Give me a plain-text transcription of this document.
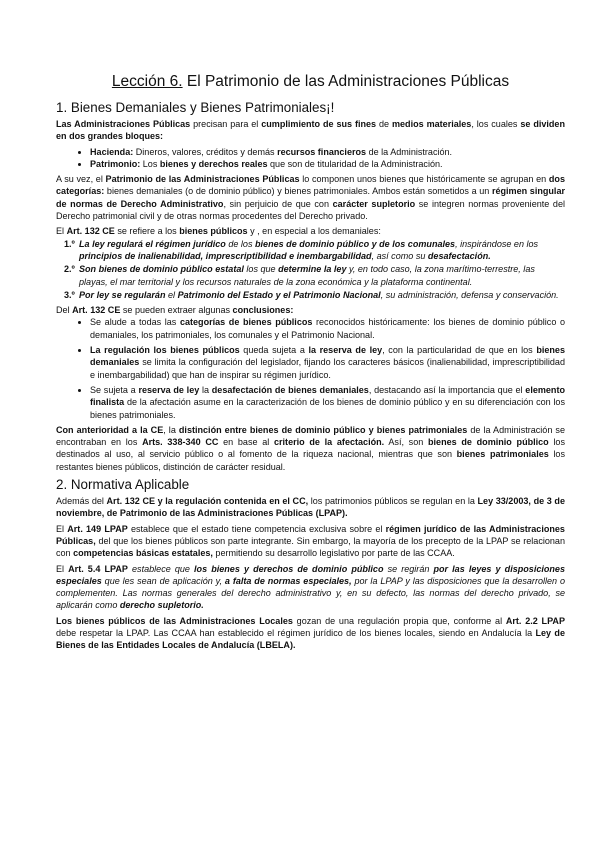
Lección 6. El Patrimonio de las Administraciones Públicas
1. Bienes Demaniales y Bienes Patrimoniales¡!

Las Administraciones Públicas precisan para el cumplimiento de sus fines de medios materiales, los cuales se dividen en dos grandes bloques:

• Hacienda: Dineros, valores, créditos y demás recursos financieros de la Administración.
• Patrimonio: Los bienes y derechos reales que son de titularidad de la Administración.

A su vez, el Patrimonio de las Administraciones Públicas lo componen unos bienes que históricamente se agrupan en dos categorías: bienes demaniales (o de dominio público) y bienes patrimoniales. Ambos están sometidos a un régimen singular de normas de Derecho Administrativo, sin perjuicio de que con carácter supletorio se integren normas proveniente del Derecho patrimonial civil y de otras normas procedentes del Derecho privado.

El Art. 132 CE se refiere a los bienes públicos y , en especial a los demaniales:

1.º La ley regulará el régimen jurídico de los bienes de dominio público y de los comunales, inspirándose en los principios de inalienabilidad, imprescriptibilidad e inembargabilidad, así como su desafectación.
2.º Son bienes de dominio público estatal los que determine la ley y, en todo caso, la zona marítimo-terrestre, las playas, el mar territorial y los recursos naturales de la zona económica y la plataforma continental.
3.º Por ley se regularán el Patrimonio del Estado y el Patrimonio Nacional, su administración, defensa y conservación.

Del Art. 132 CE se pueden extraer algunas conclusiones:

• Se alude a todas las categorías de bienes públicos reconocidos históricamente: los bienes de dominio público o demaniales, los patrimoniales, los comunales y el Patrimonio Nacional.
• La regulación los bienes públicos queda sujeta a la reserva de ley, con la particularidad de que en los bienes demaniales se limita la configuración del legislador, fijando los caracteres básicos (inalienabilidad, imprescriptibilidad e inembargabilidad) que han de inspirar su régimen jurídico.
• Se sujeta a reserva de ley la desafectación de bienes demaniales, destacando así la importancia que el elemento finalista de la afectación asume en la caracterización de los bienes de dominio público y en su diferenciación con los bienes patrimoniales.

Con anterioridad a la CE, la distinción entre bienes de dominio público y bienes patrimoniales de la Administración se encontraban en los Arts. 338-340 CC en base al criterio de la afectación. Así, son bienes de dominio público los destinados al uso, al servicio público o al fomento de la riqueza nacional, mientras que son bienes patrimoniales los restantes bienes públicos, distinción de carácter residual.

2. Normativa Aplicable

Además del Art. 132 CE y la regulación contenida en el CC, los patrimonios públicos se regulan en la Ley 33/2003, de 3 de noviembre, de Patrimonio de las Administraciones Públicas (LPAP).

El Art. 149 LPAP establece que el estado tiene competencia exclusiva sobre el régimen jurídico de las Administraciones Públicas, del que los bienes públicos son parte integrante. Sin embargo, la mayoría de los precepto de la LPAP se relacionan con competencias básicas estatales, permitiendo su desarrollo legislativo por parte de las CCAA.

El Art. 5.4 LPAP establece que los bienes y derechos de dominio público se regirán por las leyes y disposiciones especiales que les sean de aplicación y, a falta de normas especiales, por la LPAP y las disposiciones que la desarrollen o complementen. Las normas generales del derecho administrativo y, en su defecto, las normas del derecho privado, se aplicarán como derecho supletorio.

Los bienes públicos de las Administraciones Locales gozan de una regulación propia que, conforme al Art. 2.2 LPAP debe respetar la LPAP. Las CCAA han establecido el régimen jurídico de los bienes locales, siendo en Andalucía la Ley de Bienes de las Entidades Locales de Andalucía (LBELA).
